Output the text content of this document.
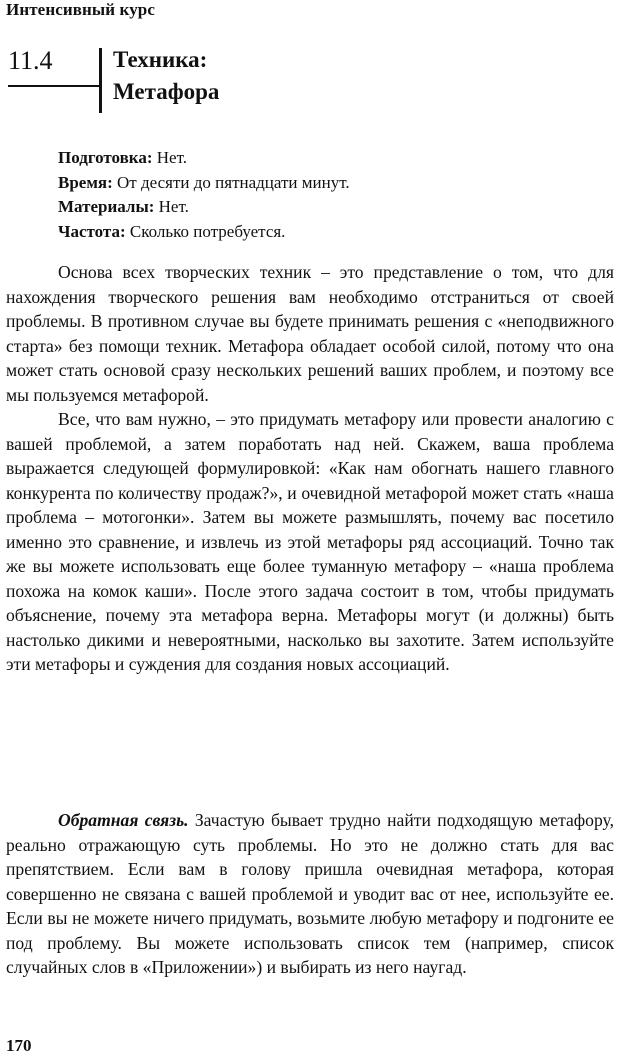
Интенсивный курс
11.4	Техника:
Метафора
Подготовка: Нет.
Время: От десяти до пятнадцати минут.
Материалы: Нет.
Частота: Сколько потребуется.

Основа всех творческих техник – это представление о том, что для нахождения творческого решения вам необходимо отстраниться от своей проблемы. В противном случае вы будете принимать решения с «неподвижного старта» без помощи техник. Метафора обладает особой силой, потому что она может стать основой сразу нескольких решений ваших проблем, и поэтому все мы пользуемся метафорой.

Все, что вам нужно, – это придумать метафору или провести аналогию с вашей проблемой, а затем поработать над ней. Скажем, ваша проблема выражается следующей формулировкой: «Как нам обогнать нашего главного конкурента по количеству продаж?», и очевидной метафорой может стать «наша проблема – мотогонки». Затем вы можете размышлять, почему вас посетило именно это сравнение, и извлечь из этой метафоры ряд ассоциаций. Точно так же вы можете использовать еще более туманную метафору – «наша проблема похожа на комок каши». После этого задача состоит в том, чтобы придумать объяснение, почему эта метафора верна. Метафоры могут (и должны) быть настолько дикими и невероятными, насколько вы захотите. Затем используйте эти метафоры и суждения для создания новых ассоциаций.

Обратная связь. Зачастую бывает трудно найти подходящую метафору, реально отражающую суть проблемы. Но это не должно стать для вас препятствием. Если вам в голову пришла очевидная метафора, которая совершенно не связана с вашей проблемой и уводит вас от нее, используйте ее. Если вы не можете ничего придумать, возьмите любую метафору и подгоните ее под проблему. Вы можете использовать список тем (например, список случайных слов в «Приложении») и выбирать из него наугад.

170
